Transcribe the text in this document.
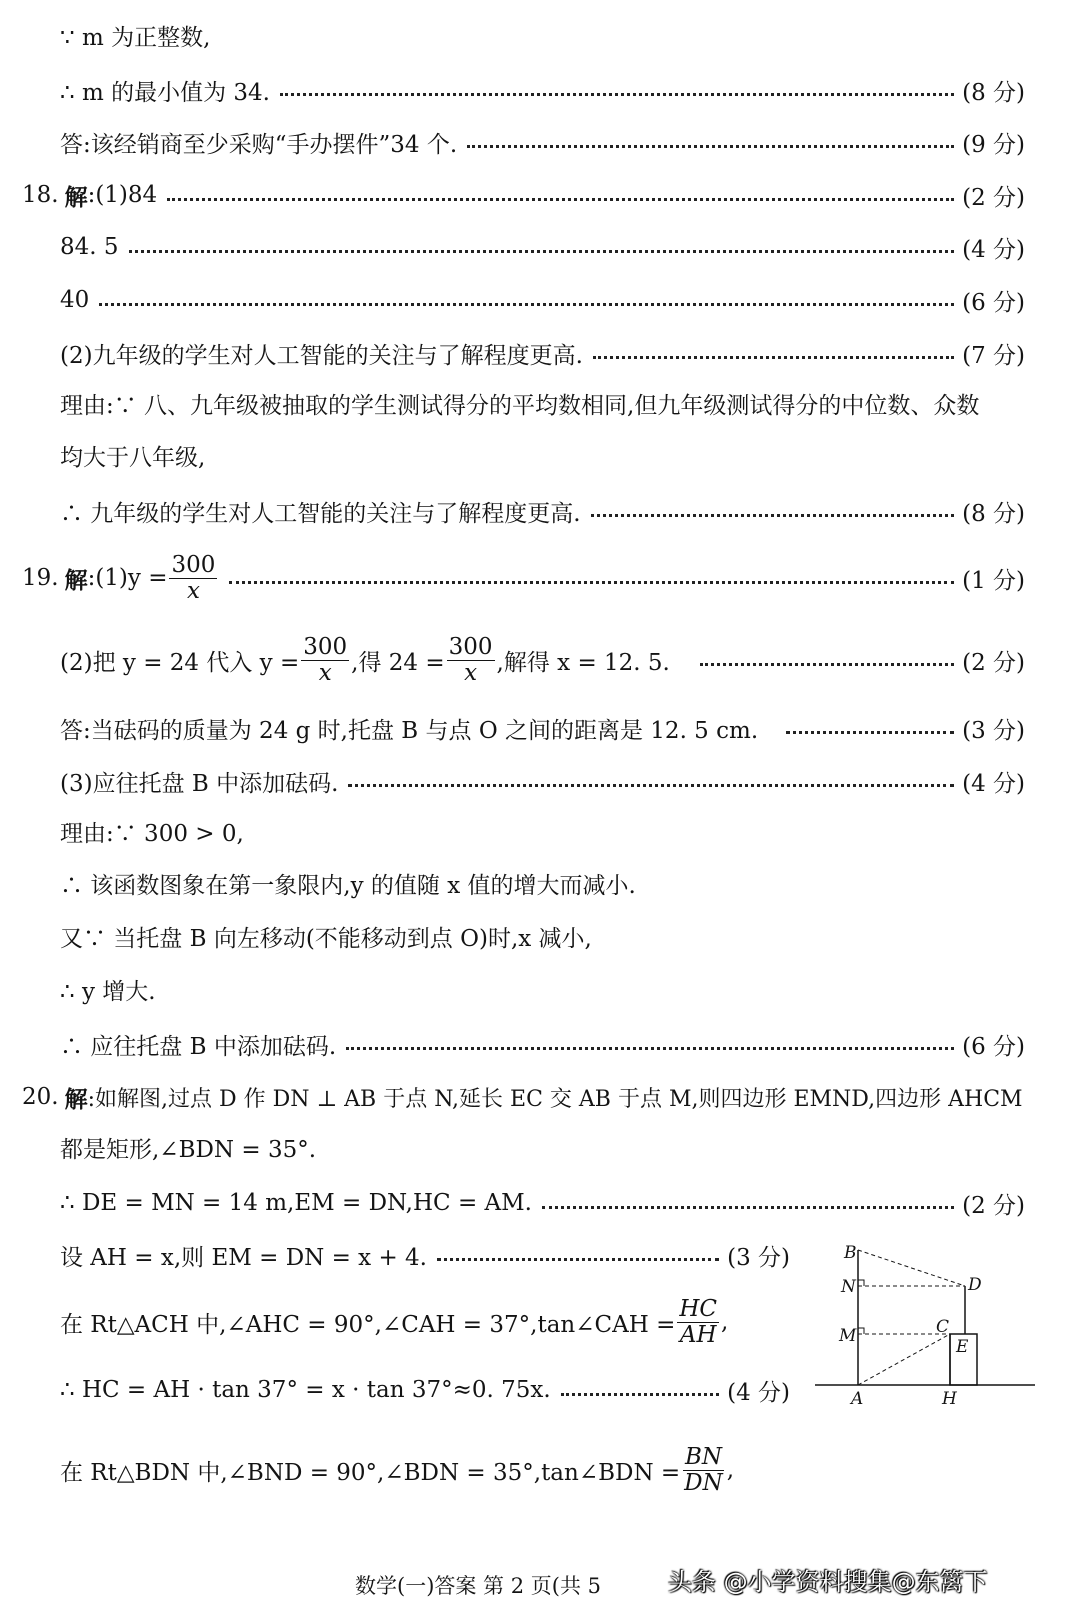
∵ m 为正整数,
∴ m 的最小值为 34.	(8 分)
答:该经销商至少采购“手办摆件”34 个.	(9 分)
18. 解 :(1)84	(2 分)
84. 5	(4 分)
40	(6 分)
(2)九年级的学生对人工智能的关注与了解程度更高.	(7 分)
理由:∵ 八、九年级被抽取的学生测试得分的平均数相同,但九年级测试得分的中位数、众数
均大于八年级,
∴ 九年级的学生对人工智能的关注与了解程度更高.	(8 分)
19. 解 :(1)y = $\frac{300}{x}$	(1 分)
(2)把 y = 24 代入 $y = \frac{300}{x}$ ,得 $24 = \frac{300}{x}$ ,解得 x = 12. 5.	(2 分)
答:当砝码的质量为 24 g 时,托盘 B 与点 O 之间的距离是 12. 5 cm.	(3 分)
(3)应往托盘 B 中添加砝码.	(4 分)
理由:∵ 300 > 0,
∴ 该函数图象在第一象限内,y 的值随 x 值的增大而减小.
又∵ 当托盘 B 向左移动(不能移动到点 O)时,x 减小,
∴ y 增大.
∴ 应往托盘 B 中添加砝码.	(6 分)
20. 解 :如解图,过点 D 作 DN ⊥ AB 于点 N,延长 EC 交 AB 于点 M,则四边形 EMND,四边形 AHCM
都是矩形,∠BDN = 35°.
∴ DE = MN = 14 m,EM = DN,HC = AM.	(2 分)
设 AH = x,则 EM = DN = x + 4.	(3 分)
在 Rt△ACH 中,∠AHC = 90°,∠CAH = 37°,tan∠CAH = $\frac{HC}{AH}$ ,
∴ HC = AH · tan 37° = x · tan 37°≈0. 75x.	(4 分)
在 Rt△BDN 中,∠BND = 90°,∠BDN = 35°,tan∠BDN = $\frac{BN}{DN}$ ,
B
N	D
M	C
E
A	H
数学(一)答案 第 2 页(共 5	头条 @小学资料搜集@东篱下
